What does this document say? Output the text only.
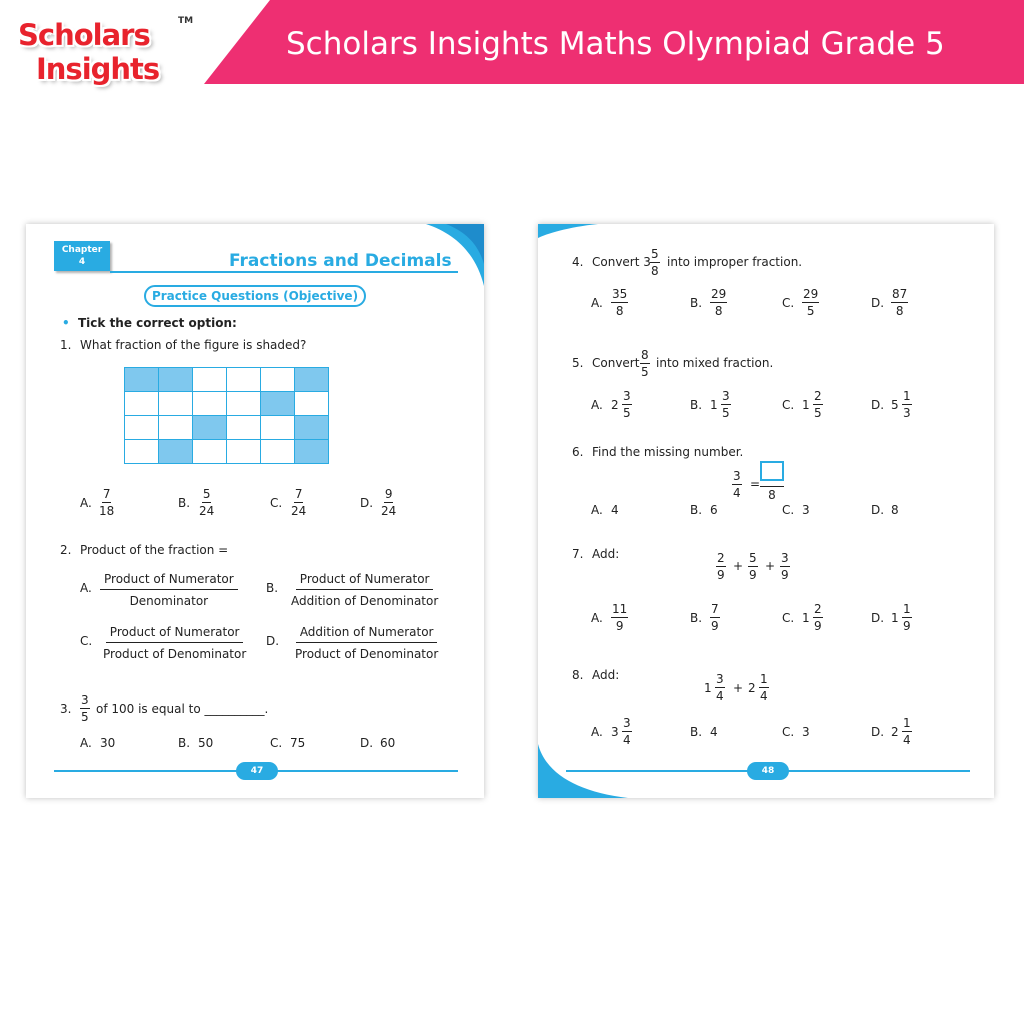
Scholars Insights Maths Olympiad Grade 5
Scholars	TM
Insights
Chapter
4	Fractions and Decimals
Practice Questions (Objective)
• Tick the correct option:
1. What fraction of the figure is shaded?

A. $\frac{7}{18}$	B. $\frac{5}{24}$	C. $\frac{7}{24}$	D. $\frac{9}{24}$
2. Product of the fraction =
A.
Product of Numerator
Denominator
B.
Product of Numerator
Addition of Denominator
C.
Product of Numerator
Product of Denominator
D.
Addition of Numerator
Product of Denominator
3. $\frac{3}{5}$ of 100 is equal to __________.
A. 30	B. 50	C. 75	D. 60
47
4. Convert $3 \frac{5}{8}$ into improper fraction.
A. $\frac{35}{8}$	B. $\frac{29}{8}$	C. $\frac{29}{5}$	D. $\frac{87}{8}$
5. Convert $\frac{8}{5}$ into mixed fraction.
A. $2 \frac{3}{5}$	B. $1 \frac{3}{5}$	C. $1 \frac{2}{5}$	D. $5 \frac{1}{3}$
6. Find the missing number.
$\frac{3}{4}$ =
8
A. 4	B. 6	C. 3	D. 8
7. Add:	$\frac{2}{9} + \frac{5}{9} + \frac{3}{9}$
A. $\frac{11}{9}$	B. $\frac{7}{9}$	C. $1 \frac{2}{9}$	D. $1 \frac{1}{9}$
8. Add:
$1 \frac{3}{4} + 2 \frac{1}{4}$
A. $3 \frac{3}{4}$	B. 4	C. 3	D. $2 \frac{1}{4}$
48
